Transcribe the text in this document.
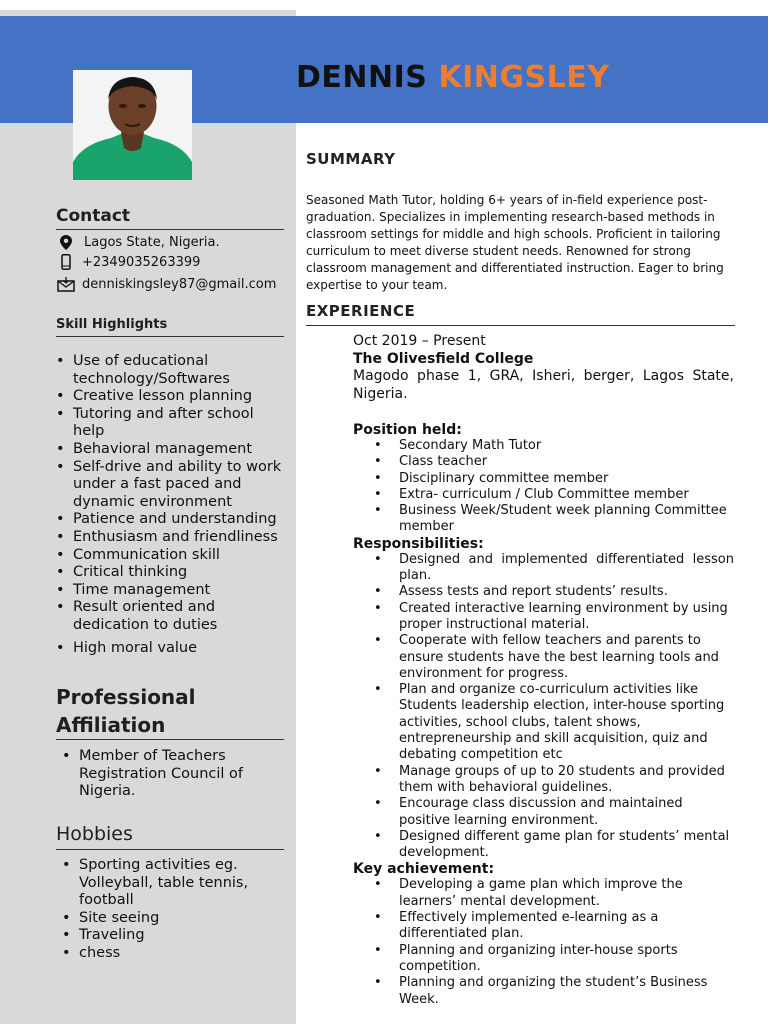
DENNIS KINGSLEY
Contact
Lagos State, Nigeria.
+2349035263399
denniskingsley87@gmail.com
Skill Highlights
• Use of educational technology/Softwares
• Creative lesson planning
• Tutoring and after school help
• Behavioral management
• Self-drive and ability to work under a fast paced and dynamic environment
• Patience and understanding
• Enthusiasm and friendliness
• Communication skill
• Critical thinking
• Time management
• Result oriented and dedication to duties
• High moral value
Professional
Affiliation
• Member of Teachers Registration Council of Nigeria.
Hobbies
• Sporting activities eg. Volleyball, table tennis, football
• Site seeing
• Traveling
• chess
SUMMARY
Seasoned Math Tutor, holding 6+ years of in-field experience post-graduation. Specializes in implementing research-based methods in classroom settings for middle and high schools. Proficient in tailoring curriculum to meet diverse student needs. Renowned for strong classroom management and differentiated instruction. Eager to bring expertise to your team.
EXPERIENCE
Oct 2019 – Present
The Olivesfield College
Magodo phase 1, GRA, Isheri, berger, Lagos State, Nigeria.
Position held:
• Secondary Math Tutor
• Class teacher
• Disciplinary committee member
• Extra- curriculum / Club Committee member
• Business Week/Student week planning Committee member
Responsibilities:
• Designed and implemented differentiated lesson plan.
• Assess tests and report students’ results.
• Created interactive learning environment by using proper instructional material.
• Cooperate with fellow teachers and parents to ensure students have the best learning tools and environment for progress.
• Plan and organize co-curriculum activities like Students leadership election, inter-house sporting activities, school clubs, talent shows, entrepreneurship and skill acquisition, quiz and debating competition etc
• Manage groups of up to 20 students and provided them with behavioral guidelines.
• Encourage class discussion and maintained positive learning environment.
• Designed different game plan for students’ mental development.
Key achievement:
• Developing a game plan which improve the learners’ mental development.
• Effectively implemented e-learning as a differentiated plan.
• Planning and organizing inter-house sports competition.
• Planning and organizing the student’s Business Week.
